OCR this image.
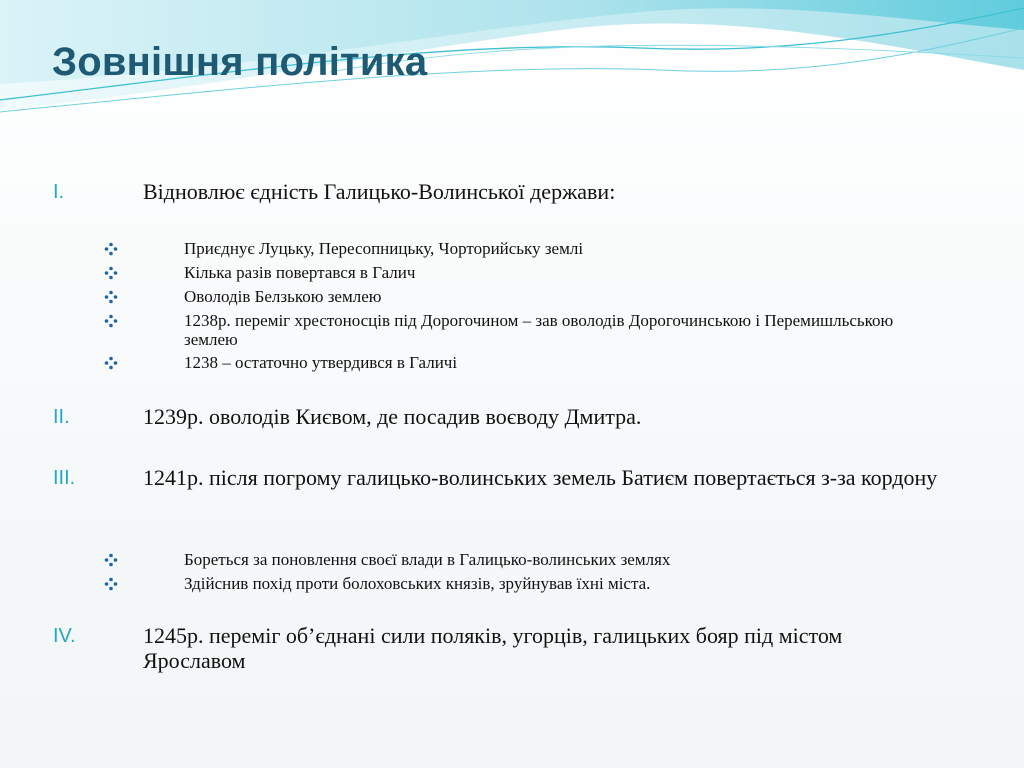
Зовнішня політика
I.	Відновлює єдність Галицько-Волинської держави:
Приєднує Луцьку, Пересопницьку, Чорторийську землі
Кілька разів повертався в Галич
Оволодів Белзькою землею
1238р. переміг хрестоносців під Дорогочином – зав оволодів Дорогочинською і Перемишльською землею
1238 – остаточно утвердився в Галичі
II.	1239р. оволодів Києвом, де посадив воєводу Дмитра.
III.	1241р. після погрому галицько-волинських земель Батиєм повертається з-за кордону
Бореться за поновлення своєї влади в Галицько-волинських землях
Здійснив похід проти болоховських князів, зруйнував їхні міста.
IV.	1245р. переміг об’єднані сили поляків, угорців, галицьких бояр під містом Ярославом
